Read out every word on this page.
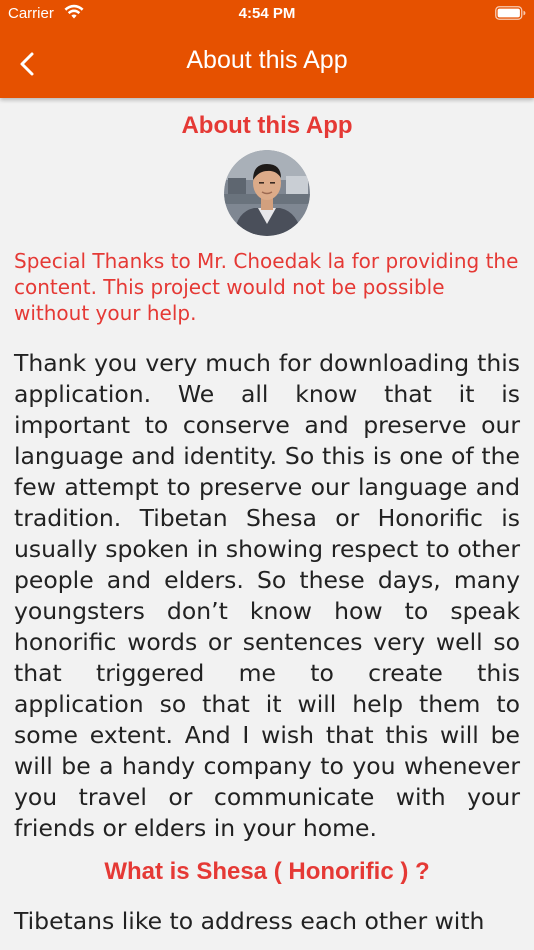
Carrier	4:54 PM
About this App
About this App
Special Thanks to Mr. Choedak la for providing the content. This project would not be possible without your help.
Thank you very much for downloading this application. We all know that it is important to conserve and preserve our language and identity. So this is one of the few attempt to preserve our language and tradition. Tibetan Shesa or Honorific is usually spoken in showing respect to other people and elders. So these days, many youngsters don’t know how to speak honorific words or sentences very well so that triggered me to create this application so that it will help them to some extent. And I wish that this will be will be a handy company to you whenever you travel or communicate with your friends or elders in your home.
What is Shesa ( Honorific ) ?
Tibetans like to address each other with
